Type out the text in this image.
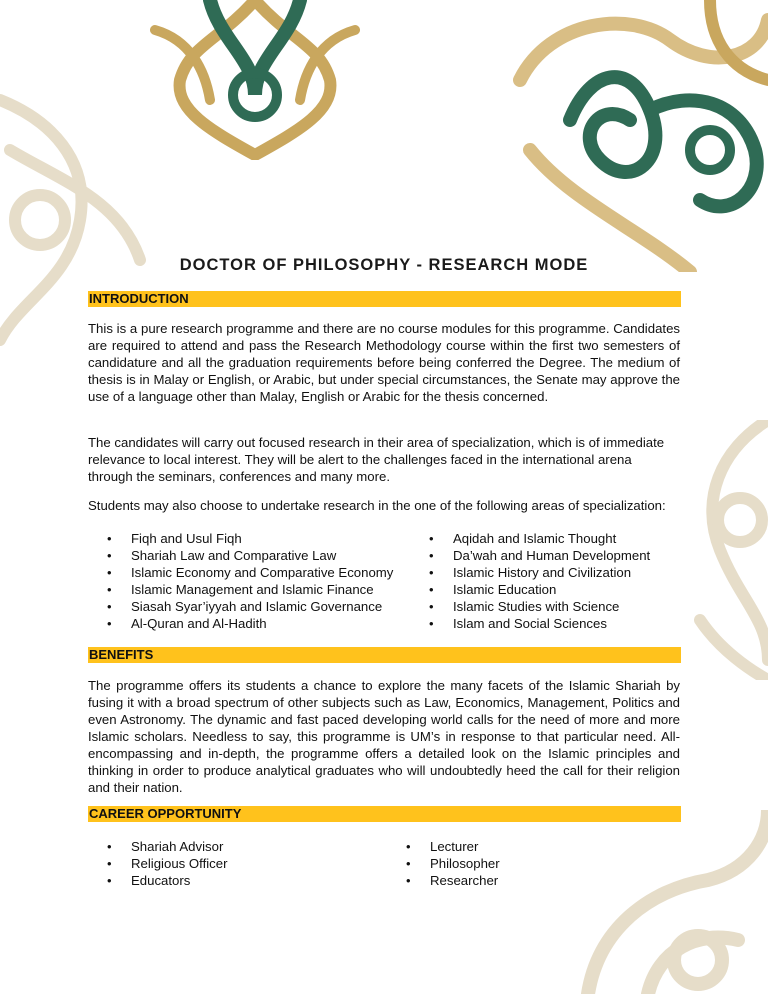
DOCTOR OF PHILOSOPHY - RESEARCH MODE
INTRODUCTION

This is a pure research programme and there are no course modules for this programme. Candidates are required to attend and pass the Research Methodology course within the first two semesters of candidature and all the graduation requirements before being conferred the Degree. The medium of thesis is in Malay or English, or Arabic, but under special circumstances, the Senate may approve the use of a language other than Malay, English or Arabic for the thesis concerned.

The candidates will carry out focused research in their area of specialization, which is of immediate relevance to local interest. They will be alert to the challenges faced in the international arena through the seminars, conferences and many more.

Students may also choose to undertake research in the one of the following areas of specialization:

• Fiqh and Usul Fiqh
• Shariah Law and Comparative Law
• Islamic Economy and Comparative Economy
• Islamic Management and Islamic Finance
• Siasah Syar’iyyah and Islamic Governance
• Al-Quran and Al-Hadith
• Aqidah and Islamic Thought
• Da’wah and Human Development
• Islamic History and Civilization
• Islamic Education
• Islamic Studies with Science
• Islam and Social Sciences
BENEFITS

The programme offers its students a chance to explore the many facets of the Islamic Shariah by fusing it with a broad spectrum of other subjects such as Law, Economics, Management, Politics and even Astronomy. The dynamic and fast paced developing world calls for the need of more and more Islamic scholars. Needless to say, this programme is UM’s in response to that particular need. All-encompassing and in-depth, the programme offers a detailed look on the Islamic principles and thinking in order to produce analytical graduates who will undoubtedly heed the call for their religion and their nation.

CAREER OPPORTUNITY
• Shariah Advisor
• Religious Officer
• Educators
• Lecturer
• Philosopher
• Researcher
